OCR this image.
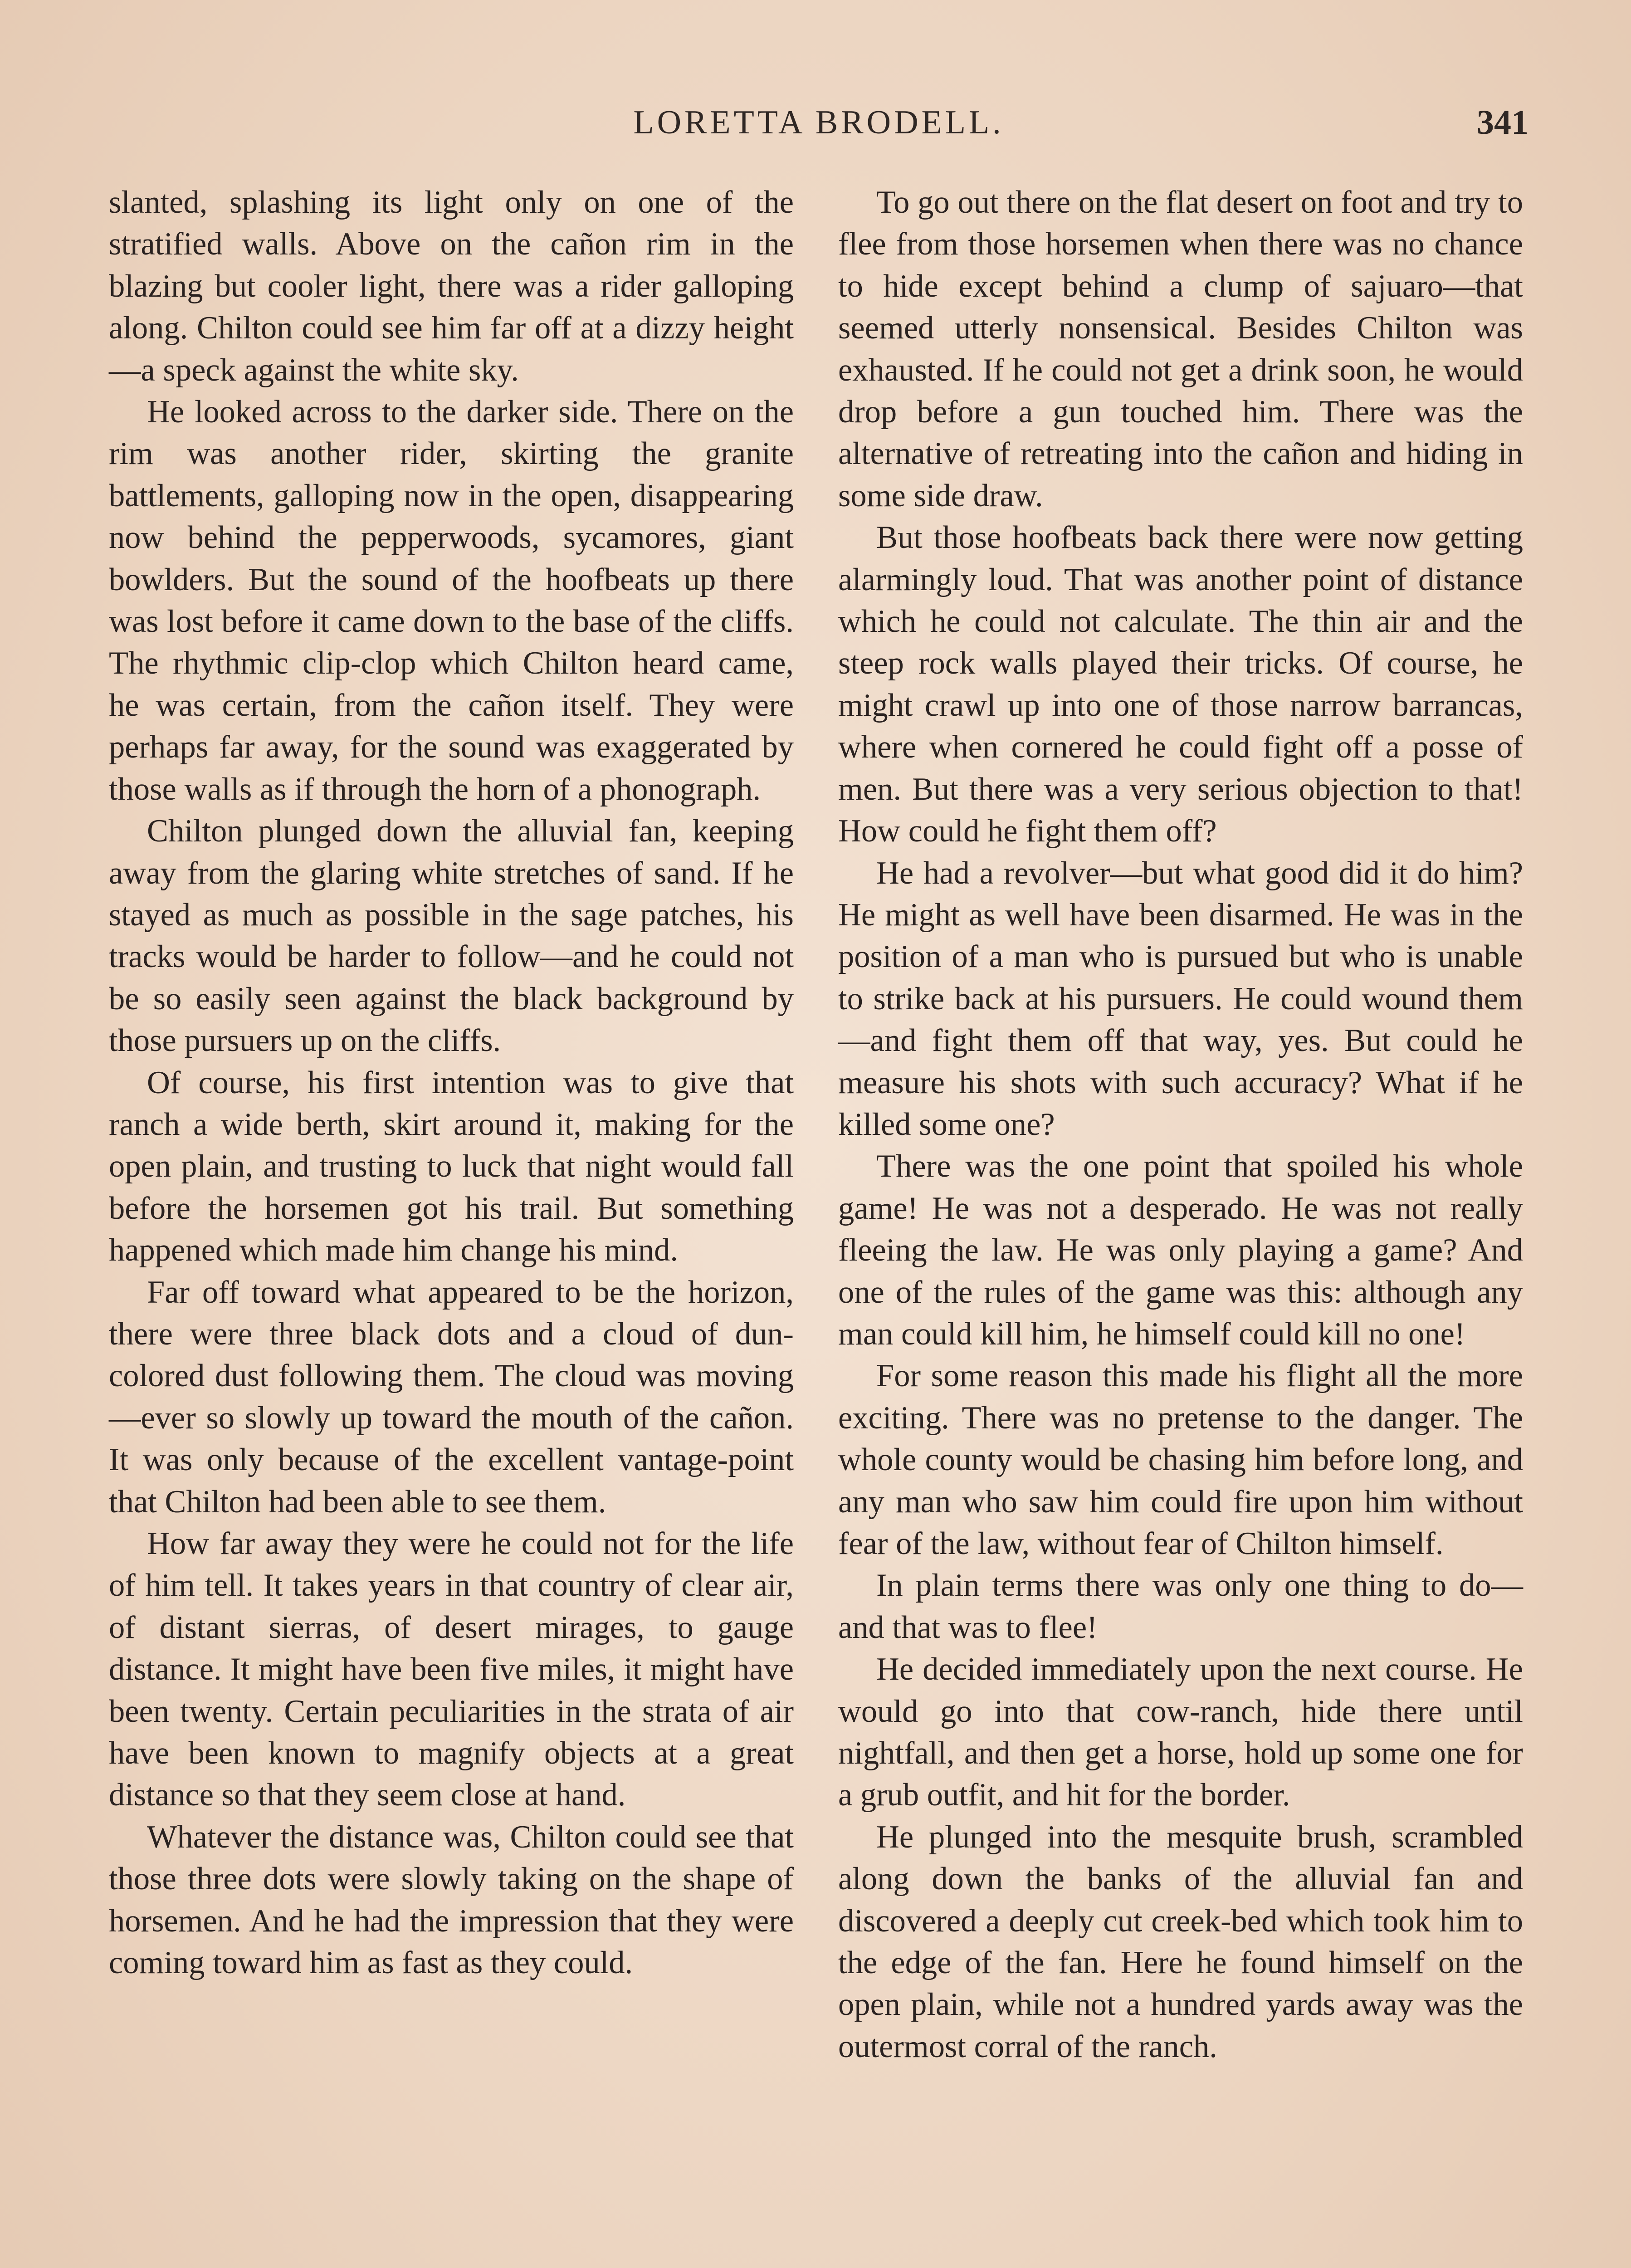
LORETTA BRODELL.	341

slanted, splashing its light only on one of the stratified walls. Above on the cañon rim in the blazing but cooler light, there was a rider galloping along. Chilton could see him far off at a dizzy height—a speck against the white sky.

He looked across to the darker side. There on the rim was another rider, skirting the granite battlements, galloping now in the open, disappearing now behind the pepperwoods, sycamores, giant bowlders. But the sound of the hoofbeats up there was lost before it came down to the base of the cliffs. The rhythmic clip-clop which Chilton heard came, he was certain, from the cañon itself. They were perhaps far away, for the sound was exaggerated by those walls as if through the horn of a phonograph.

Chilton plunged down the alluvial fan, keeping away from the glaring white stretches of sand. If he stayed as much as possible in the sage patches, his tracks would be harder to follow—and he could not be so easily seen against the black background by those pursuers up on the cliffs.

Of course, his first intention was to give that ranch a wide berth, skirt around it, making for the open plain, and trusting to luck that night would fall before the horsemen got his trail. But something happened which made him change his mind.

Far off toward what appeared to be the horizon, there were three black dots and a cloud of dun-colored dust following them. The cloud was moving—ever so slowly up toward the mouth of the cañon. It was only because of the excellent vantage-point that Chilton had been able to see them.

How far away they were he could not for the life of him tell. It takes years in that country of clear air, of distant sierras, of desert mirages, to gauge distance. It might have been five miles, it might have been twenty. Certain peculiarities in the strata of air have been known to magnify objects at a great distance so that they seem close at hand.

Whatever the distance was, Chilton could see that those three dots were slowly taking on the shape of horsemen. And he had the impression that they were coming toward him as fast as they could.

To go out there on the flat desert on foot and try to flee from those horsemen when there was no chance to hide except behind a clump of sajuaro—that seemed utterly nonsensical. Besides Chilton was exhausted. If he could not get a drink soon, he would drop before a gun touched him. There was the alternative of retreating into the cañon and hiding in some side draw.

But those hoofbeats back there were now getting alarmingly loud. That was another point of distance which he could not calculate. The thin air and the steep rock walls played their tricks. Of course, he might crawl up into one of those narrow barrancas, where when cornered he could fight off a posse of men. But there was a very serious objection to that! How could he fight them off?

He had a revolver—but what good did it do him? He might as well have been disarmed. He was in the position of a man who is pursued but who is unable to strike back at his pursuers. He could wound them—and fight them off that way, yes. But could he measure his shots with such accuracy? What if he killed some one?

There was the one point that spoiled his whole game! He was not a desperado. He was not really fleeing the law. He was only playing a game? And one of the rules of the game was this: although any man could kill him, he himself could kill no one!

For some reason this made his flight all the more exciting. There was no pretense to the danger. The whole county would be chasing him before long, and any man who saw him could fire upon him without fear of the law, without fear of Chilton himself.

In plain terms there was only one thing to do—and that was to flee!

He decided immediately upon the next course. He would go into that cow-ranch, hide there until nightfall, and then get a horse, hold up some one for a grub outfit, and hit for the border.

He plunged into the mesquite brush, scrambled along down the banks of the alluvial fan and discovered a deeply cut creek-bed which took him to the edge of the fan. Here he found himself on the open plain, while not a hundred yards away was the outermost corral of the ranch.
